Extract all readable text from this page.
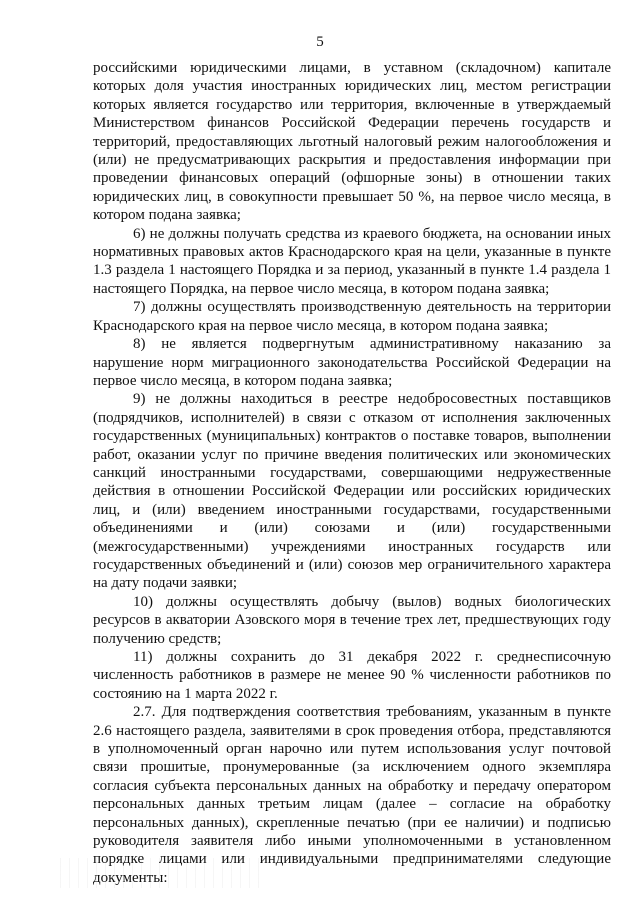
5

российскими юридическими лицами, в уставном (складочном) капитале которых доля участия иностранных юридических лиц, местом регистрации которых является государство или территория, включенные в утверждаемый Министерством финансов Российской Федерации перечень государств и территорий, предоставляющих льготный налоговый режим налогообложения и (или) не предусматривающих раскрытия и предоставления информации при проведении финансовых операций (офшорные зоны) в отношении таких юридических лиц, в совокупности превышает 50 %, на первое число месяца, в котором подана заявка;

6) не должны получать средства из краевого бюджета, на основании иных нормативных правовых актов Краснодарского края на цели, указанные в пункте 1.3 раздела 1 настоящего Порядка и за период, указанный в пункте 1.4 раздела 1 настоящего Порядка, на первое число месяца, в котором подана заявка;

7) должны осуществлять производственную деятельность на территории Краснодарского края на первое число месяца, в котором подана заявка;

8) не является подвергнутым административному наказанию за нарушение норм миграционного законодательства Российской Федерации на первое число месяца, в котором подана заявка;

9) не должны находиться в реестре недобросовестных поставщиков (подрядчиков, исполнителей) в связи с отказом от исполнения заключенных государственных (муниципальных) контрактов о поставке товаров, выполнении работ, оказании услуг по причине введения политических или экономических санкций иностранными государствами, совершающими недружественные действия в отношении Российской Федерации или российских юридических лиц, и (или) введением иностранными государствами, государственными объединениями и (или) союзами и (или) государственными (межгосударственными) учреждениями иностранных государств или государственных объединений и (или) союзов мер ограничительного характера на дату подачи заявки;

10) должны осуществлять добычу (вылов) водных биологических ресурсов в акватории Азовского моря в течение трех лет, предшествующих году получению средств;

11) должны сохранить до 31 декабря 2022 г. среднесписочную численность работников в размере не менее 90 % численности работников по состоянию на 1 марта 2022 г.

2.7. Для подтверждения соответствия требованиям, указанным в пункте 2.6 настоящего раздела, заявителями в срок проведения отбора, представляются в уполномоченный орган нарочно или путем использования услуг почтовой связи прошитые, пронумерованные (за исключением одного экземпляра согласия субъекта персональных данных на обработку и передачу оператором персональных данных третьим лицам (далее – согласие на обработку персональных данных), скрепленные печатью (при ее наличии) и подписью руководителя заявителя либо иными уполномоченными в установленном порядке лицами или индивидуальными предпринимателями следующие документы:
